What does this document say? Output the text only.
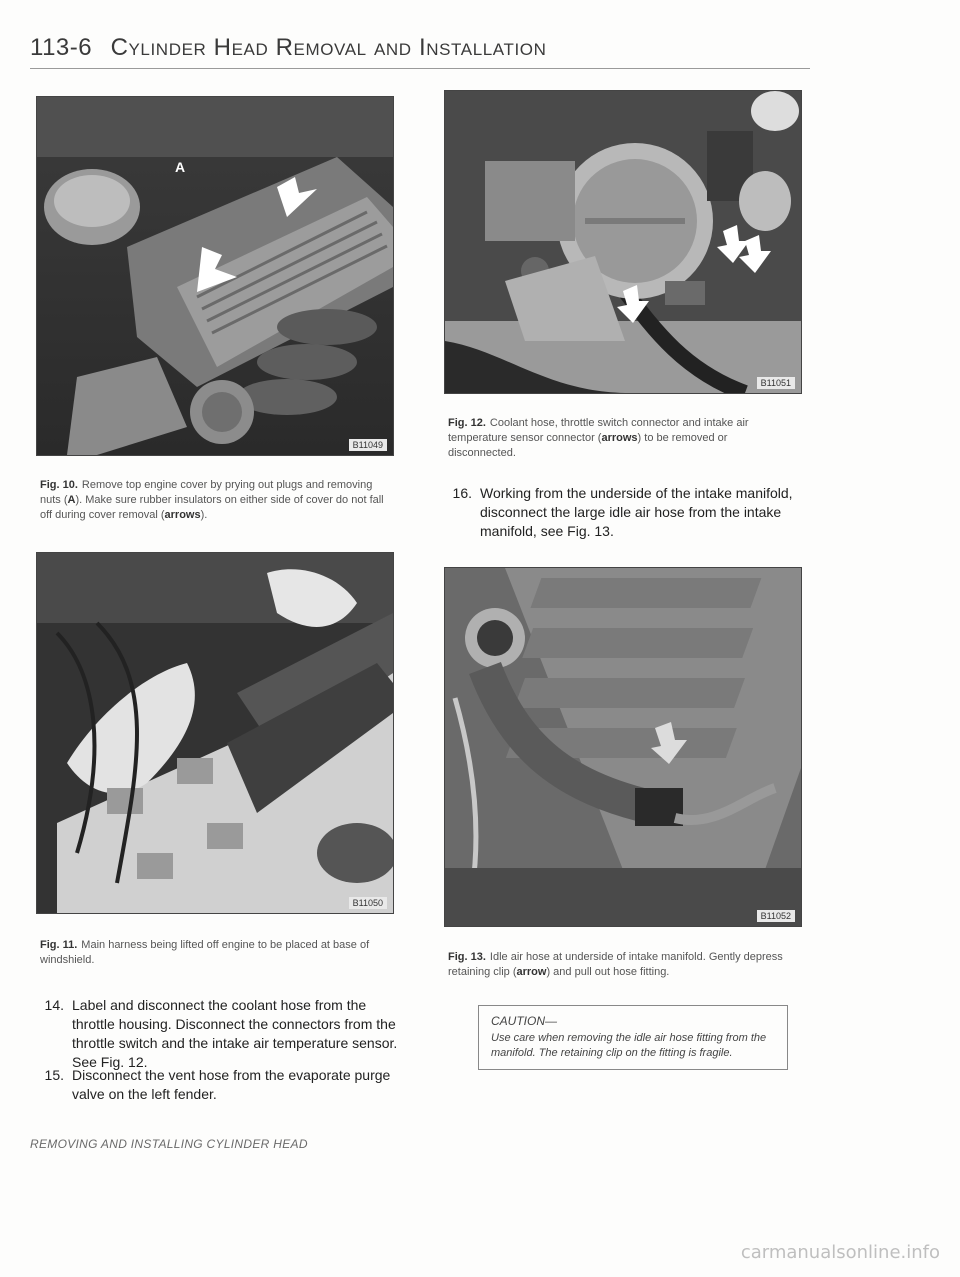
113-6 Cylinder Head Removal and Installation
A
B11049
Fig. 10. Remove top engine cover by prying out plugs and removing nuts (A). Make sure rubber insulators on either side of cover do not fall off during cover removal (arrows).
B11050
Fig. 11. Main harness being lifted off engine to be placed at base of windshield.
14. Label and disconnect the coolant hose from the throttle housing. Disconnect the connectors from the throttle switch and the intake air temperature sensor. See Fig. 12.
15. Disconnect the vent hose from the evaporate purge valve on the left fender.
B11051
Fig. 12. Coolant hose, throttle switch connector and intake air temperature sensor connector (arrows) to be removed or disconnected.
16. Working from the underside of the intake manifold, disconnect the large idle air hose from the intake manifold, see Fig. 13.
B11052
Fig. 13. Idle air hose at underside of intake manifold. Gently depress retaining clip (arrow) and pull out hose fitting.
CAUTION—
Use care when removing the idle air hose fitting from the manifold. The retaining clip on the fitting is fragile.
REMOVING AND INSTALLING CYLINDER HEAD
carmanualsonline.info
